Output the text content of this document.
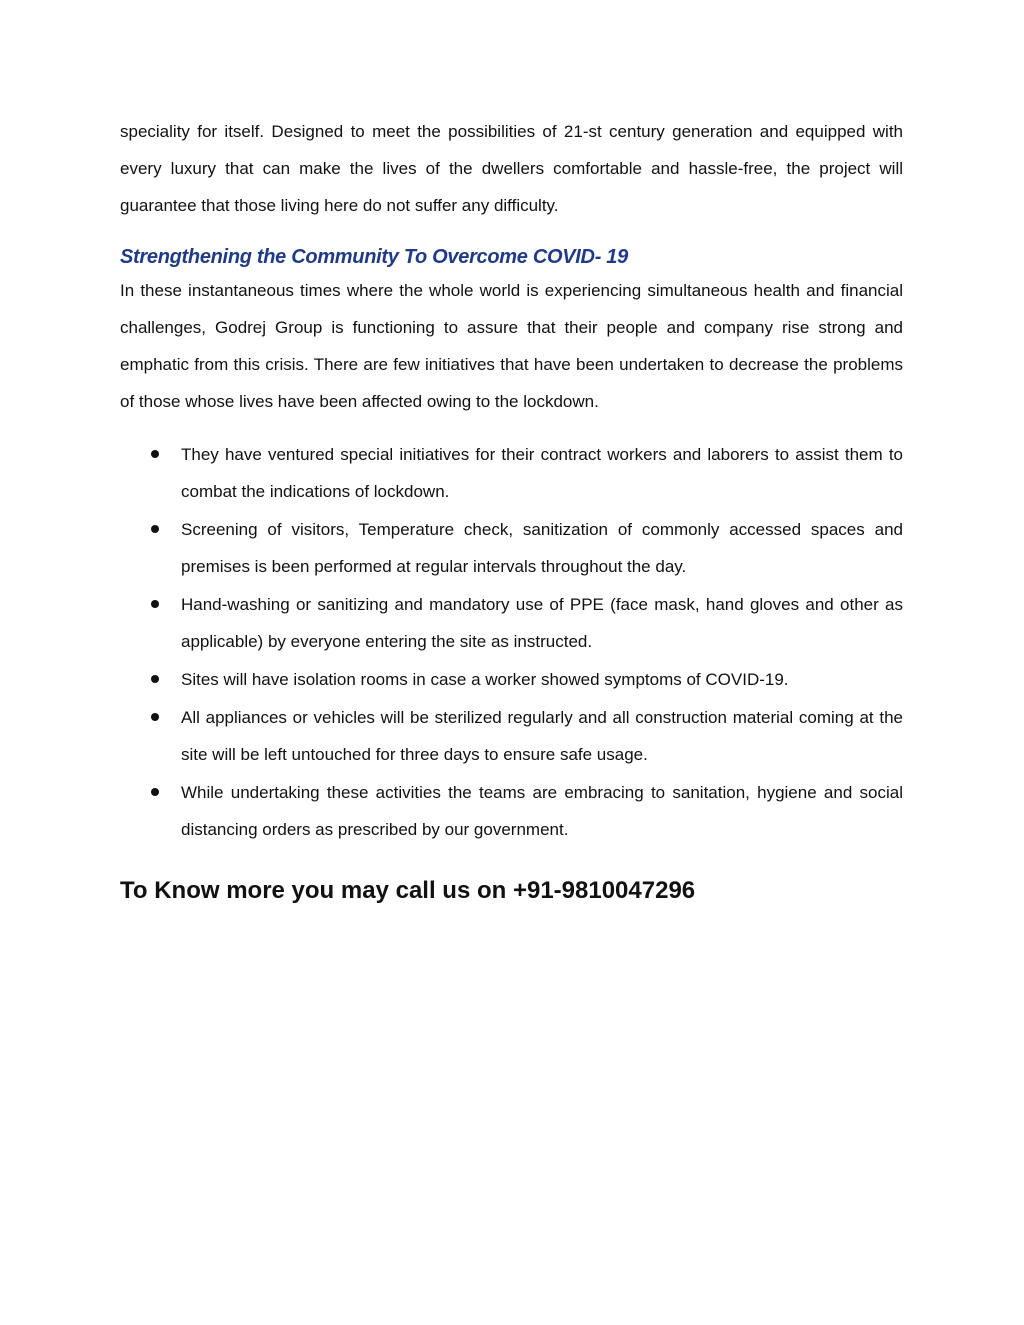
speciality for itself. Designed to meet the possibilities of 21-st century generation and equipped with every luxury that can make the lives of the dwellers comfortable and hassle-free, the project will guarantee that those living here do not suffer any difficulty.

Strengthening the Community To Overcome COVID- 19

In these instantaneous times where the whole world is experiencing simultaneous health and financial challenges, Godrej Group is functioning to assure that their people and company rise strong and emphatic from this crisis. There are few initiatives that have been undertaken to decrease the problems of those whose lives have been affected owing to the lockdown.

They have ventured special initiatives for their contract workers and laborers to assist them to combat the indications of lockdown.
Screening of visitors, Temperature check, sanitization of commonly accessed spaces and premises is been performed at regular intervals throughout the day.
Hand-washing or sanitizing and mandatory use of PPE (face mask, hand gloves and other as applicable) by everyone entering the site as instructed.
Sites will have isolation rooms in case a worker showed symptoms of COVID-19.
All appliances or vehicles will be sterilized regularly and all construction material coming at the site will be left untouched for three days to ensure safe usage.
While undertaking these activities the teams are embracing to sanitation, hygiene and social distancing orders as prescribed by our government.
To Know more you may call us on +91-9810047296
